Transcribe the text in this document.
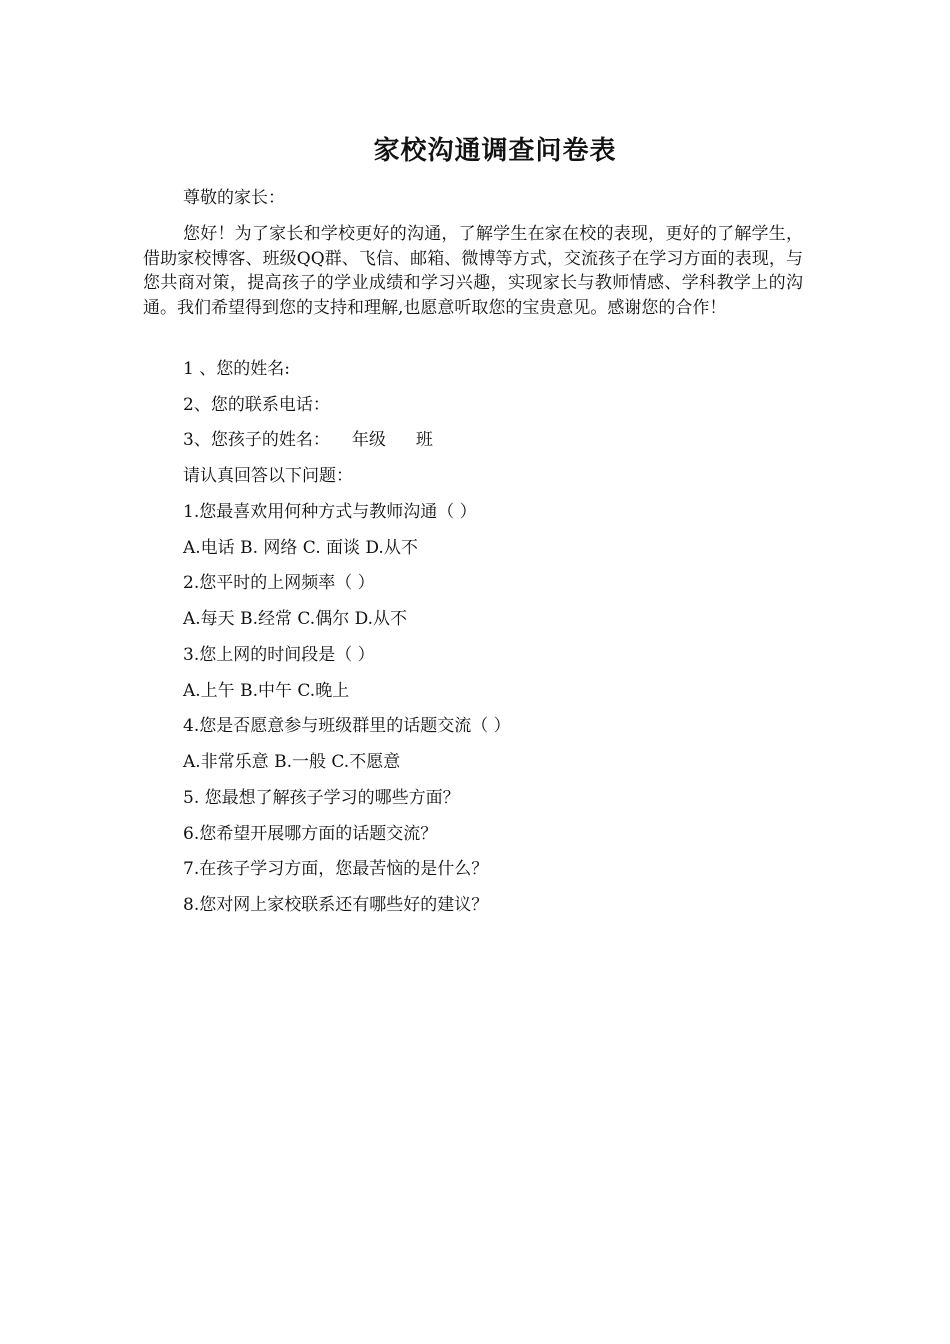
家校沟通调查问卷表
尊敬的家长：
您好！为了家长和学校更好的沟通，了解学生在家在校的表现，更好的了解学生，借助家校博客、班级QQ群、飞信、邮箱、微博等方式，交流孩子在学习方面的表现，与您共商对策，提高孩子的学业成绩和学习兴趣，实现家长与教师情感、学科教学上的沟通。我们希望得到您的支持和理解,也愿意听取您的宝贵意见。感谢您的合作！
1 、您的姓名:
2、您的联系电话：
3、您孩子的姓名： 年级 班
请认真回答以下问题：
1.您最喜欢用何种方式与教师沟通（ ）
A.电话 B. 网络 C. 面谈 D.从不
2.您平时的上网频率（ ）
A.每天 B.经常 C.偶尔 D.从不
3.您上网的时间段是（ ）
A.上午 B.中午 C.晚上
4.您是否愿意参与班级群里的话题交流（ ）
A.非常乐意 B.一般 C.不愿意
5. 您最想了解孩子学习的哪些方面？
6.您希望开展哪方面的话题交流？
7.在孩子学习方面，您最苦恼的是什么？
8.您对网上家校联系还有哪些好的建议？
